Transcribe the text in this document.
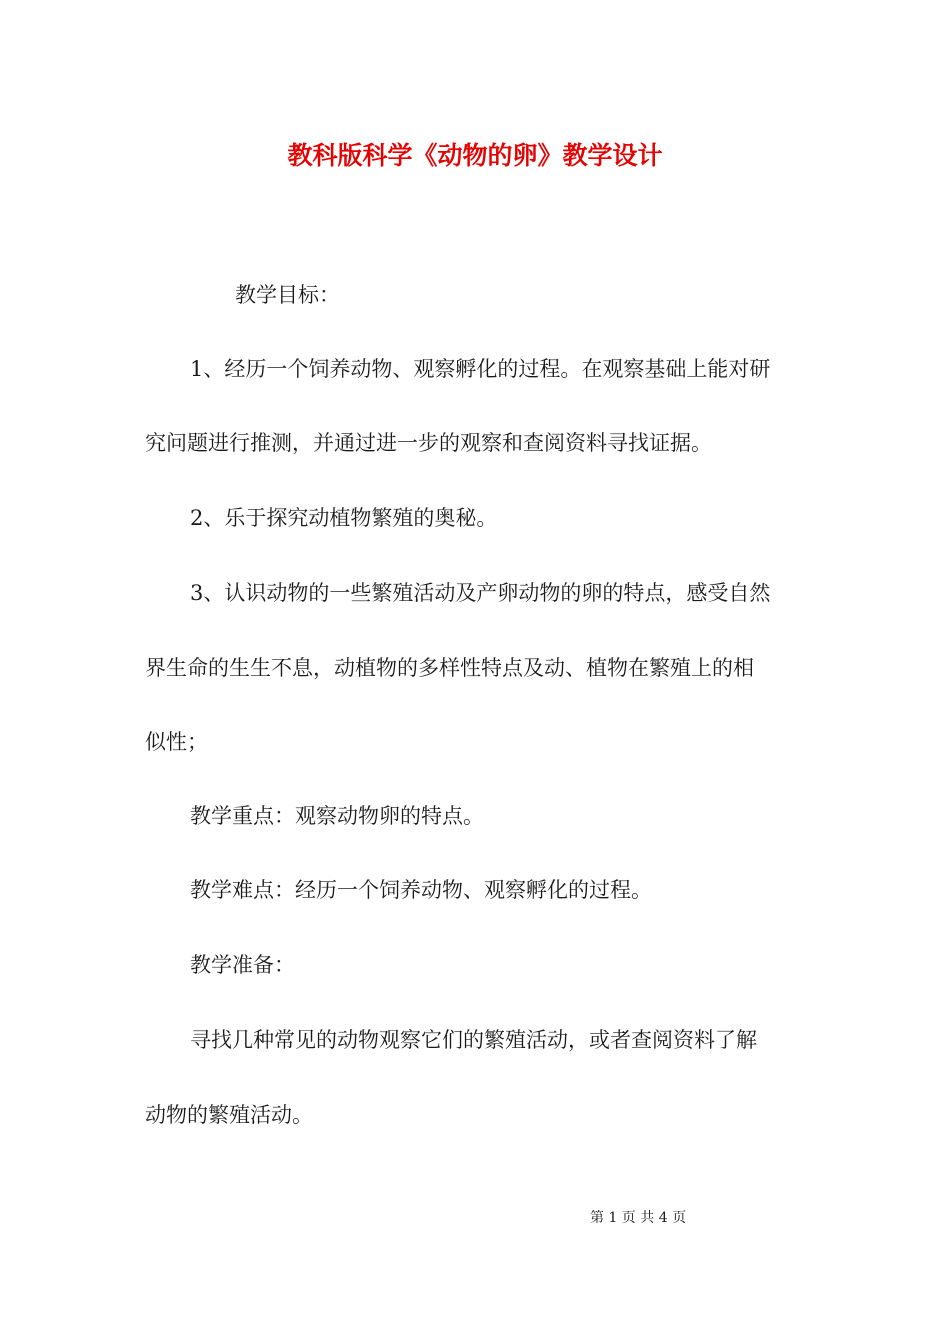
教科版科学《动物的卵》教学设计
教学目标：
1、经历一个饲养动物、观察孵化的过程。在观察基础上能对研
究问题进行推测，并通过进一步的观察和查阅资料寻找证据。
2、乐于探究动植物繁殖的奥秘。
3、认识动物的一些繁殖活动及产卵动物的卵的特点，感受自然
界生命的生生不息，动植物的多样性特点及动、植物在繁殖上的相
似性；
教学重点：观察动物卵的特点。
教学难点：经历一个饲养动物、观察孵化的过程。
教学准备：
寻找几种常见的动物观察它们的繁殖活动，或者查阅资料了解
动物的繁殖活动。
第 1 页 共 4 页
